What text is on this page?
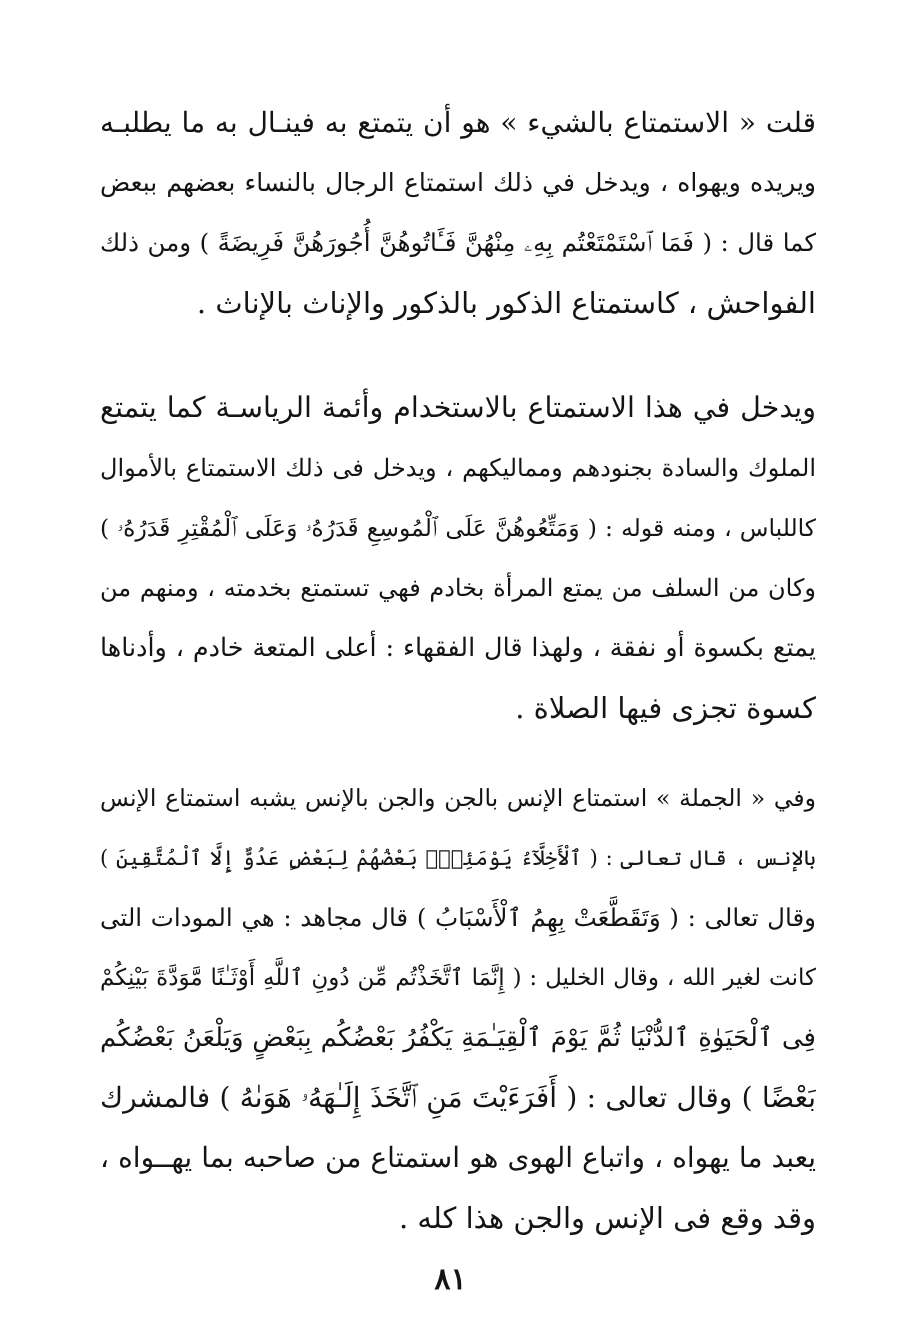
قلت « الاستمتاع بالشيء » هو أن يتمتع به فينـال به ما يطلبـه
ويريده ويهواه ، ويدخل في ذلك استمتاع الرجال بالنساء بعضهم ببعض
كما قال : ( فَمَا ٱسْتَمْتَعْتُم بِهِۦ مِنْهُنَّ فَـَٔاتُوهُنَّ أُجُورَهُنَّ فَرِيضَةً ) ومن ذلك
الفواحش ، كاستمتاع الذكور بالذكور والإناث بالإناث .
ويدخل في هذا الاستمتاع بالاستخدام وأئمة الرياسـة كما يتمتع
الملوك والسادة بجنودهم ومماليكهم ، ويدخل فى ذلك الاستمتاع بالأموال
كاللباس ، ومنه قوله : ( وَمَتِّعُوهُنَّ عَلَى ٱلْمُوسِعِ قَدَرُهُۥ وَعَلَى ٱلْمُقْتِرِ قَدَرُهُۥ )
وكان من السلف من يمتع المرأة بخادم فهي تستمتع بخدمته ، ومنهم من
يمتع بكسوة أو نفقة ، ولهذا قال الفقهاء : أعلى المتعة خادم ، وأدناها
كسوة تجزى فيها الصلاة .
وفي « الجملة » استمتاع الإنس بالجن والجن بالإنس يشبه استمتاع الإنس
بالإنس ، قال تعالى : ( ٱلْأَخِلَّآءُ يَوْمَئِذٍۭ بَعْضُهُمْ لِبَعْضٍ عَدُوٌّ إِلَّا ٱلْمُتَّقِينَ )
وقال تعالى : ( وَتَقَطَّعَتْ بِهِمُ ٱلْأَسْبَابُ ) قال مجاهد : هي المودات التى
كانت لغير الله ، وقال الخليل : ( إِنَّمَا ٱتَّخَذْتُم مِّن دُونِ ٱللَّهِ أَوْثَـٰنًا مَّوَدَّةَ بَيْنِكُمْ
فِى ٱلْحَيَوٰةِ ٱلدُّنْيَا ثُمَّ يَوْمَ ٱلْقِيَـٰمَةِ يَكْفُرُ بَعْضُكُم بِبَعْضٍ وَيَلْعَنُ بَعْضُكُم
بَعْضًا ) وقال تعالى : ( أَفَرَءَيْتَ مَنِ ٱتَّخَذَ إِلَـٰهَهُۥ هَوَىٰهُ ) فالمشرك
يعبد ما يهواه ، واتباع الهوى هو استمتاع من صاحبه بما يهــواه ،
وقد وقع فى الإنس والجن هذا كله .
٨١
